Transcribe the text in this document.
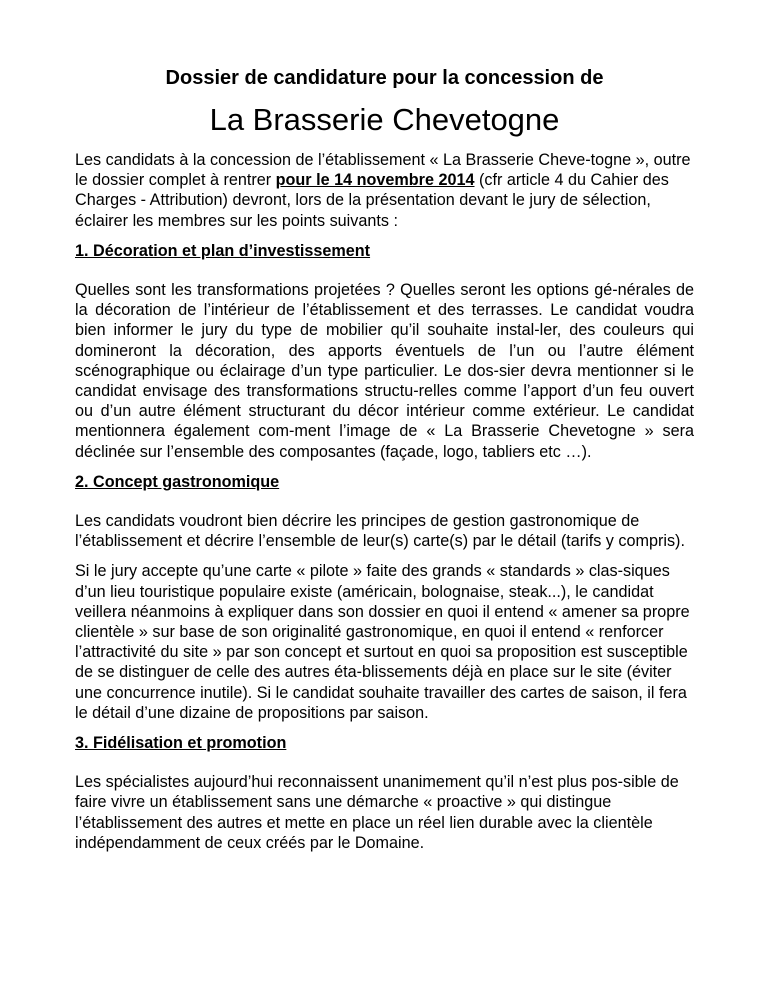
Dossier de candidature pour la concession de
La Brasserie Chevetogne

Les candidats à la concession de l’établissement « La Brasserie Cheve-togne », outre le dossier complet à rentrer pour le 14 novembre 2014 (cfr article 4 du Cahier des Charges - Attribution) devront, lors de la présentation devant le jury de sélection, éclairer les membres sur les points suivants :

1. Décoration et plan d’investissement

Quelles sont les transformations projetées ? Quelles seront les options gé-nérales de la décoration de l’intérieur de l’établissement et des terrasses. Le candidat voudra bien informer le jury du type de mobilier qu’il souhaite instal-ler, des couleurs qui domineront la décoration, des apports éventuels de l’un ou l’autre élément scénographique ou éclairage d’un type particulier. Le dos-sier devra mentionner si le candidat envisage des transformations structu-relles comme l’apport d’un feu ouvert ou d’un autre élément structurant du décor intérieur comme extérieur. Le candidat mentionnera également com-ment l’image de « La Brasserie Chevetogne » sera déclinée sur l’ensemble des composantes (façade, logo, tabliers etc …).

2. Concept gastronomique

Les candidats voudront bien décrire les principes de gestion gastronomique de l’établissement et décrire l’ensemble de leur(s) carte(s) par le détail (tarifs y compris).

Si le jury accepte qu’une carte « pilote » faite des grands « standards » clas-siques d’un lieu touristique populaire existe (américain, bolognaise, steak...), le candidat veillera néanmoins à expliquer dans son dossier en quoi il entend « amener sa propre clientèle » sur base de son originalité gastronomique, en quoi il entend « renforcer l’attractivité du site » par son concept et surtout en quoi sa proposition est susceptible de se distinguer de celle des autres éta-blissements déjà en place sur le site (éviter une concurrence inutile). Si le candidat souhaite travailler des cartes de saison, il fera le détail d’une dizaine de propositions par saison.

3. Fidélisation et promotion

Les spécialistes aujourd’hui reconnaissent unanimement qu’il n’est plus pos-sible de faire vivre un établissement sans une démarche « proactive » qui distingue l’établissement des autres et mette en place un réel lien durable avec la clientèle indépendamment de ceux créés par le Domaine.
